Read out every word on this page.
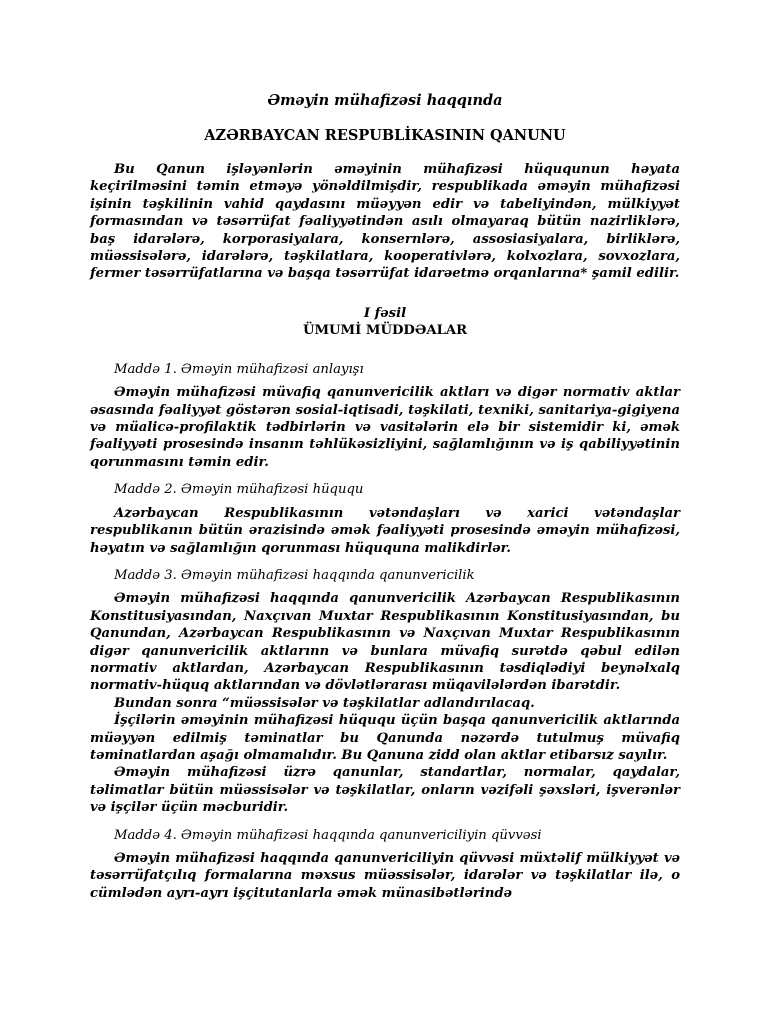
Əməyin mühafizəsi haqqında
AZƏRBAYCAN RESPUBLİKASININ QANUNU

Bu Qanun işləyənlərin əməyinin mühafizəsi hüququnun həyata keçirilməsini təmin etməyə yönəldilmişdir, respublikada əməyin mühafizəsi işinin təşkilinin vahid qaydasını müəyyən edir və tabeliyindən, mülkiyyət formasından və təsərrüfat fəaliyyətindən asılı olmayaraq bütün nazirliklərə, baş idarələrə, korporasiyalara, konsernlərə, assosiasiyalara, birliklərə, müəssisələrə, idarələrə, təşkilatlara, kooperativlərə, kolxozlara, sovxozlara, fermer təsərrüfatlarına və başqa təsərrüfat idarəetmə orqanlarına* şamil edilir.

I fəsil
ÜMUMİ MÜDDƏALAR
Maddə 1. Əməyin mühafizəsi anlayışı

Əməyin mühafizəsi müvafiq qanunvericilik aktları və digər normativ aktlar əsasında fəaliyyət göstərən sosial-iqtisadi, təşkilati, texniki, sanitariya-gigiyena və müalicə-profilaktik tədbirlərin və vasitələrin elə bir sistemidir ki, əmək fəaliyyəti prosesində insanın təhlükəsizliyini, sağlamlığının və iş qabiliyyətinin qorunmasını təmin edir.

Maddə 2. Əməyin mühafizəsi hüququ

Azərbaycan Respublikasının vətəndaşları və xarici vətəndaşlar respublikanın bütün ərazisində əmək fəaliyyəti prosesində əməyin mühafizəsi, həyatın və sağlamlığın qorunması hüququna malikdirlər.

Maddə 3. Əməyin mühafizəsi haqqında qanunvericilik

Əməyin mühafizəsi haqqında qanunvericilik Azərbaycan Respublikasının Konstitusiyasından, Naxçıvan Muxtar Respublikasının Konstitusiyasından, bu Qanundan, Azərbaycan Respublikasının və Naxçıvan Muxtar Respublikasının digər qanunvericilik aktlarınn və bunlara müvafiq surətdə qəbul edilən normativ aktlardan, Azərbaycan Respublikasının təsdiqlədiyi beynəlxalq normativ-hüquq aktlarından və dövlətlərarası müqavilələrdən ibarətdir.

Bundan sonra “müəssisələr və təşkilatlar adlandırılacaq.

İşçilərin əməyinin mühafizəsi hüququ üçün başqa qanunvericilik aktlarında müəyyən edilmiş təminatlar bu Qanunda nəzərdə tutulmuş müvafiq təminatlardan aşağı olmamalıdır. Bu Qanuna zidd olan aktlar etibarsız sayılır.

Əməyin mühafizəsi üzrə qanunlar, standartlar, normalar, qaydalar, təlimatlar bütün müəssisələr və təşkilatlar, onların vəzifəli şəxsləri, işverənlər və işçilər üçün məcburidir.

Maddə 4. Əməyin mühafizəsi haqqında qanunvericiliyin qüvvəsi

Əməyin mühafizəsi haqqında qanunvericiliyin qüvvəsi müxtəlif mülkiyyət və təsərrüfatçılıq formalarına məxsus müəssisələr, idarələr və təşkilatlar ilə, o cümlədən ayrı-ayrı işçitutanlarla əmək münasibətlərində
